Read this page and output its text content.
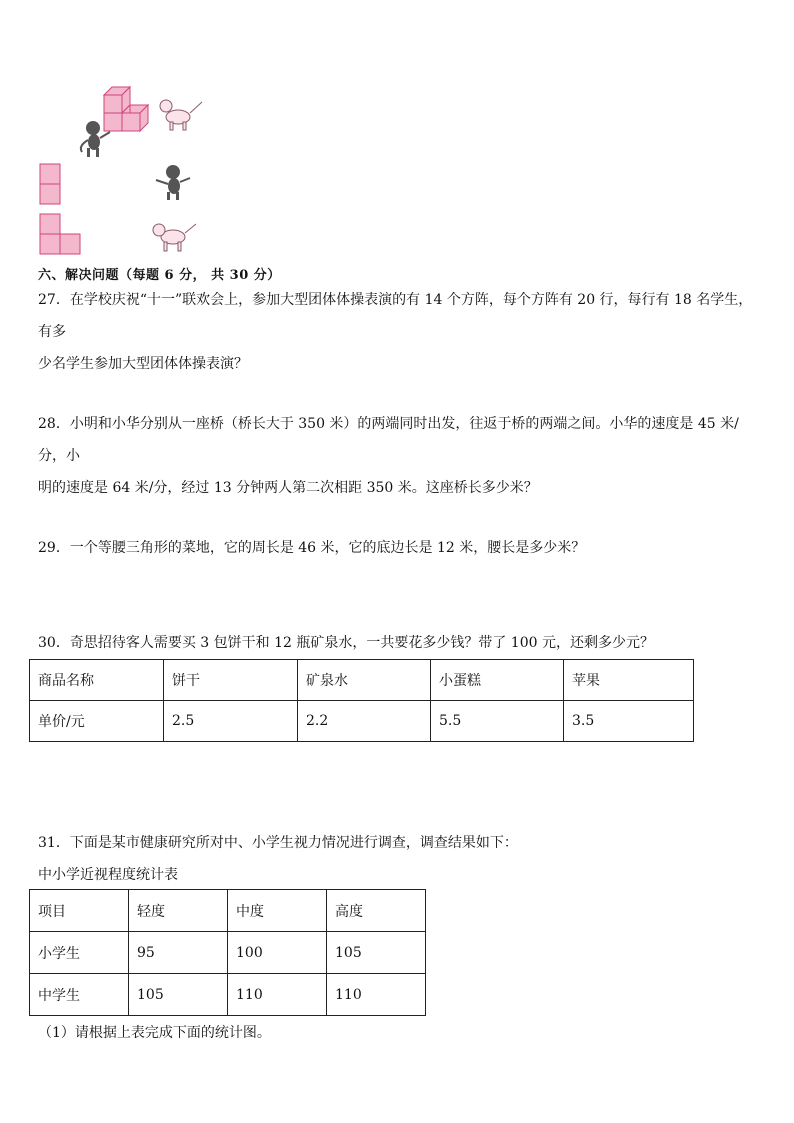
六、解决问题（每题 6 分， 共 30 分）
27．在学校庆祝“十一”联欢会上，参加大型团体体操表演的有 14 个方阵，每个方阵有 20 行，每行有 18 名学生，有多
少名学生参加大型团体体操表演？
28．小明和小华分别从一座桥（桥长大于 350 米）的两端同时出发，往返于桥的两端之间。小华的速度是 45 米/分，小
明的速度是 64 米/分，经过 13 分钟两人第二次相距 350 米。这座桥长多少米？
29．一个等腰三角形的菜地，它的周长是 46 米，它的底边长是 12 米，腰长是多少米？
30．奇思招待客人需要买 3 包饼干和 12 瓶矿泉水，一共要花多少钱？带了 100 元，还剩多少元？
商品名称	饼干	矿泉水	小蛋糕	苹果
单价/元	2.5	2.2	5.5	3.5
31．下面是某市健康研究所对中、小学生视力情况进行调查，调查结果如下：
中小学近视程度统计表
项目	轻度	中度	高度
小学生	95	100	105
中学生	105	110	110
（1）请根据上表完成下面的统计图。
